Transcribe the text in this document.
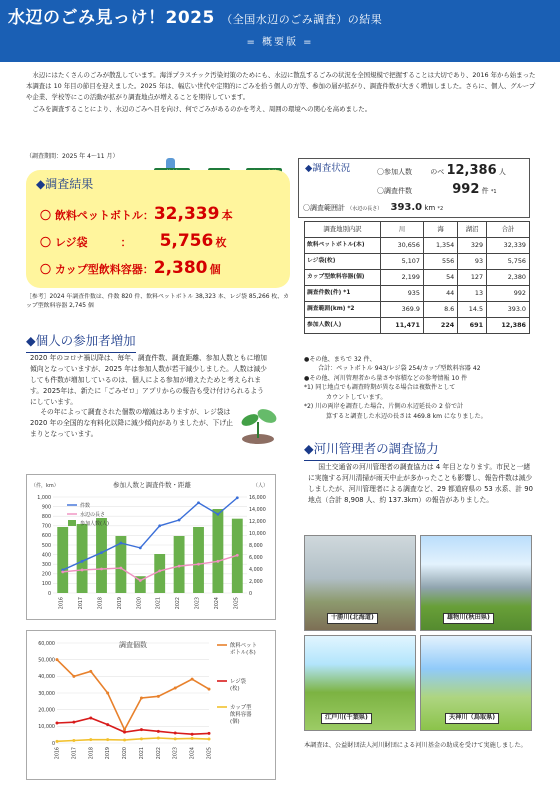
水辺のごみ見っけ！2025 （全国水辺のごみ調査）の結果
= 概要版 =

水辺にはたくさんのごみが散乱しています。海洋プラスチック汚染対策のためにも、水辺に散乱するごみの状況を全国規模で把握することは大切であり、2016 年から始まった本調査は 10 年目の節目を迎えました。2025 年は、幅広い世代や定期的にごみを拾う個人の方等、参加の層が拡がり、調査件数が大きく増加しました。さらに、個人、グループや企業、学校等にこの活動が拡がり調査地点が増えることを期待しています。

ごみを調査することにより、水辺のごみへ目を向け、何でごみがあるのかを考え、周囲の環境への関心を高めました。

（調査期間：2025 年 4～11 月）
◆調査結果
〇 飲料ペットボトル：32,339 本
〇 レジ袋　　　： 5,756 枚
〇 カップ型飲料容器：2,380 個
［参考］2024 年調査件数は、件数 820 件、飲料ペットボトル 38,323 本、レジ袋 85,266 枚、カップ型飲料容器 2,745 個
◆調査状況	〇参加人数	のべ 12,386 人
〇調査件数	992 件 *1
〇調査範囲計 （水辺の長さ） 393.0 km *2
調査地別内訳	川	海	湖沼	合計
飲料ペットボトル(本)	30,656	1,354	329	32,339
レジ袋(枚)	5,107	556	93	5,756
カップ型飲料容器(個)	2,199	54	127	2,380
調査件数(件) *1	935	44	13	992
調査範囲(km) *2	369.9	8.6	14.5	393.0
参加人数(人)	11,471	224	691	12,386
●その他、まちで 32 件、
合計：ペットボトル 943/レジ袋 254/カップ型飲料容器 42
●その他、河川管理者から量さや容積などの参考情報 10 件
*1) 同じ地点でも調査時期が異なる場合は複数件として
カウントしています。
*2) 川の両岸を調査した場合、片側の水辺延長の 2 倍で計
算すると調査した水辺の長さは 469.8 km になりました。
◆個人の参加者増加

2020 年のコロナ禍以降は、毎年、調査件数、調査距離、参加人数ともに増加傾向となっていますが、2025 年は参加人数が若干減少しました。人数は減少しても件数が増加しているのは、個人による参加が増えたためと考えられます。2025年は、新たに「ごみゼロ」アプリからの報告も受け付けられるようにしています。

その年によって調査された個数の増減はありますが、レジ袋は 2020 年の全国的な有料化以降に減少傾向がありましたが、下げ止まりとなっています。

参加人数と調査件数・距離
（件，km）	（人）
0
100
200
300
400
500
600
700
800
900
1,000
0
2,000
4,000
6,000
8,000
10,000
12,000
14,000
16,000
2016	2017	2018	2019	2020	2021	2022	2023	2024	2025
件数
水辺の長さ
参加人数(人)
調査個数
0
10,000
20,000
30,000
40,000
50,000
60,000
2016 2017 2018 2019 2020 2021 2022 2023 2024 2025
飲料ペット
ボトル(本)
レジ袋
(枚)
カップ型
飲料容器
(個)
◆河川管理者の調査協力
国土交通省の河川管理者の調査協力は 4 年目となります。市民と一緒に実施する河川清掃が雨天中止が多かったことも影響し、報告件数は減少しましたが、河川管理者による調査など、29 都道府県の 53 水系、計 90 地点（合計 8,908 人、約 137.3km）の報告がありました。
十勝川(北海道)	雄物川(秋田県)
江戸川(千葉県)	天神川（鳥取県)
本調査は、公益財団法人河川財団による河川基金の助成を受けて実施しました。
